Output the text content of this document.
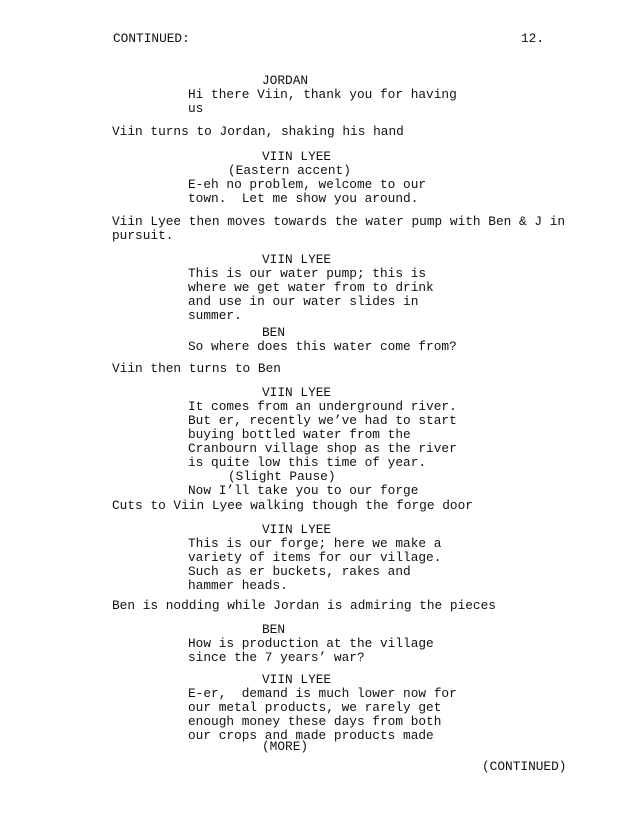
CONTINUED:	12.
JORDAN
Hi there Viin, thank you for having
us
Viin turns to Jordan, shaking his hand
VIIN LYEE
(Eastern accent)
E-eh no problem, welcome to our
town.  Let me show you around.
Viin Lyee then moves towards the water pump with Ben & J in
pursuit.
VIIN LYEE
This is our water pump; this is
where we get water from to drink
and use in our water slides in
summer.
BEN
So where does this water come from?
Viin then turns to Ben
VIIN LYEE
It comes from an underground river.
But er, recently we’ve had to start
buying bottled water from the
Cranbourn village shop as the river
is quite low this time of year.
(Slight Pause)
Now I’ll take you to our forge
Cuts to Viin Lyee walking though the forge door
VIIN LYEE
This is our forge; here we make a
variety of items for our village.
Such as er buckets, rakes and
hammer heads.
Ben is nodding while Jordan is admiring the pieces
BEN
How is production at the village
since the 7 years’ war?
VIIN LYEE
E-er,  demand is much lower now for
our metal products, we rarely get
enough money these days from both
our crops and made products made
(MORE)
(CONTINUED)
